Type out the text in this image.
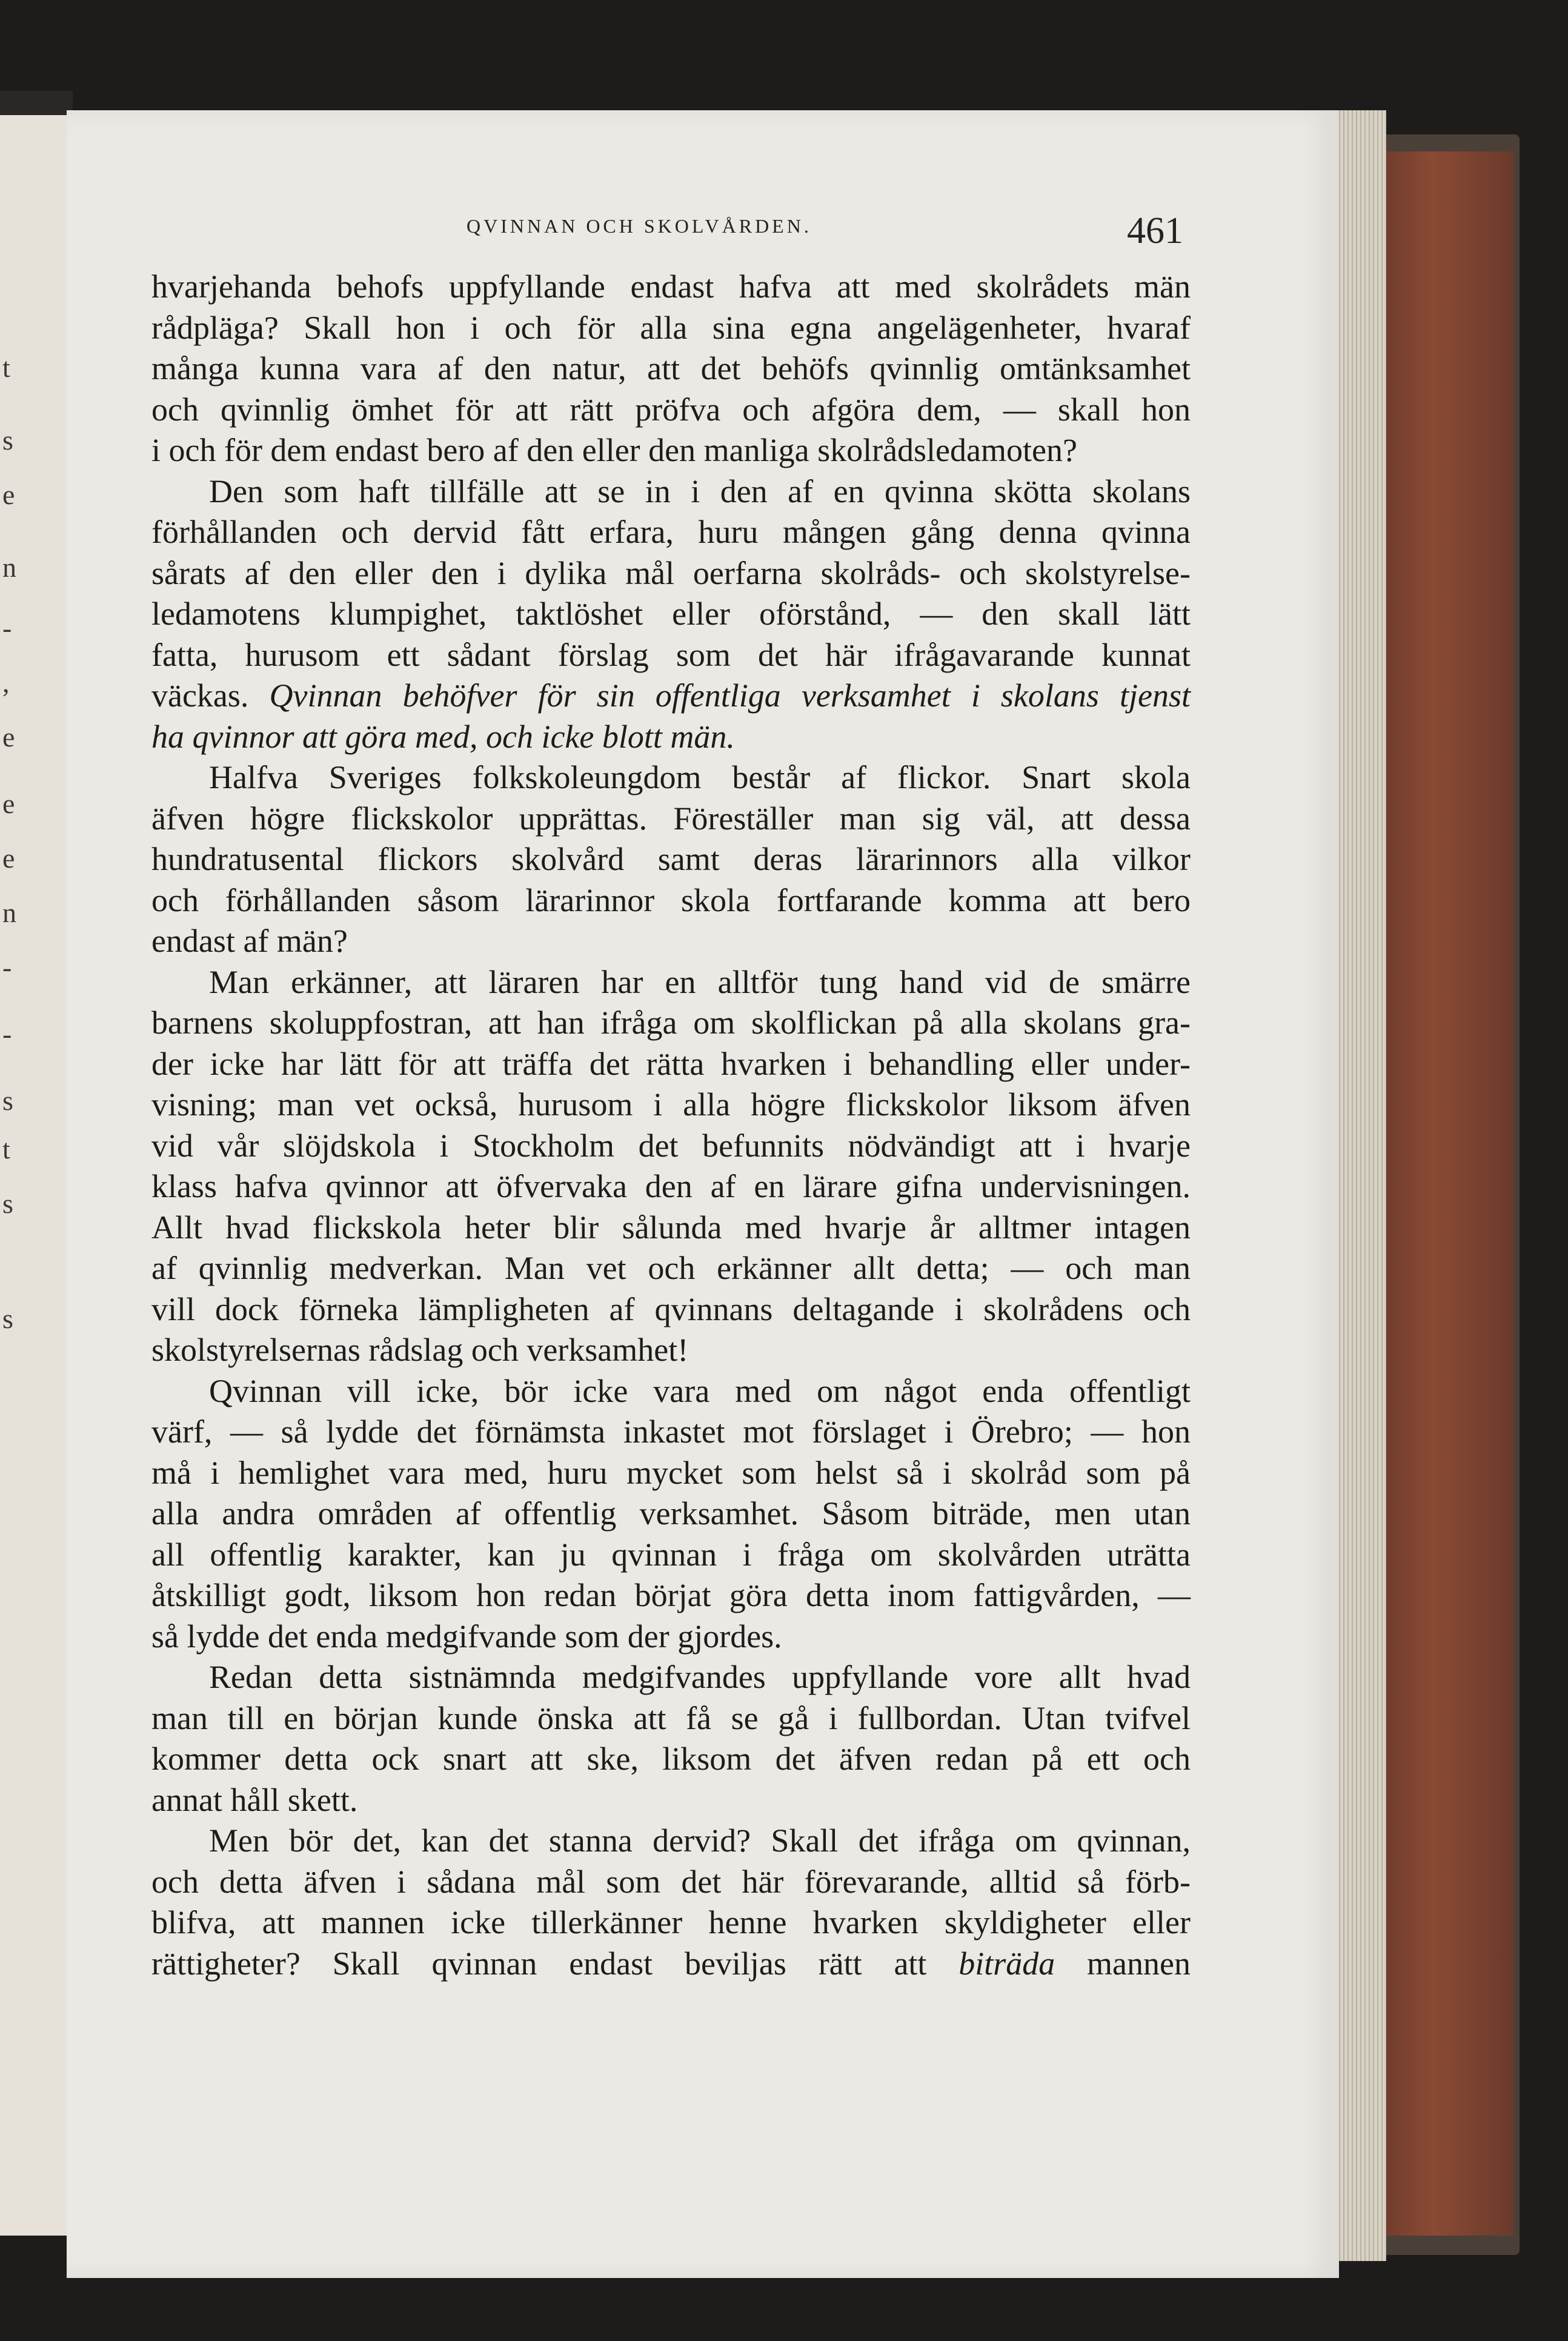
t
s
e
n
-
,
e
e
e
n
-
-
s
t
s
s
QVINNAN OCH SKOLVÅRDEN.	461
hvarjehanda behofs uppfyllande endast hafva att med skolrådets män
rådpläga? Skall hon i och för alla sina egna angelägenheter, hvaraf
många kunna vara af den natur, att det behöfs qvinnlig omtänksamhet
och qvinnlig ömhet för att rätt pröfva och afgöra dem, — skall hon
i och för dem endast bero af den eller den manliga skolrådsledamoten?
Den som haft tillfälle att se in i den af en qvinna skötta skolans
förhållanden och dervid fått erfara, huru mången gång denna qvinna
sårats af den eller den i dylika mål oerfarna skolråds- och skolstyrelse-
ledamotens klumpighet, taktlöshet eller oförstånd, — den skall lätt
fatta, hurusom ett sådant förslag som det här ifrågavarande kunnat
väckas. Qvinnan behöfver för sin offentliga verksamhet i skolans tjenst
ha qvinnor att göra med, och icke blott män.
Halfva Sveriges folkskoleungdom består af flickor. Snart skola
äfven högre flickskolor upprättas. Föreställer man sig väl, att dessa
hundratusental flickors skolvård samt deras lärarinnors alla vilkor
och förhållanden såsom lärarinnor skola fortfarande komma att bero
endast af män?
Man erkänner, att läraren har en alltför tung hand vid de smärre
barnens skoluppfostran, att han ifråga om skolflickan på alla skolans gra-
der icke har lätt för att träffa det rätta hvarken i behandling eller under-
visning; man vet också, hurusom i alla högre flickskolor liksom äfven
vid vår slöjdskola i Stockholm det befunnits nödvändigt att i hvarje
klass hafva qvinnor att öfvervaka den af en lärare gifna undervisningen.
Allt hvad flickskola heter blir sålunda med hvarje år alltmer intagen
af qvinnlig medverkan. Man vet och erkänner allt detta; — och man
vill dock förneka lämpligheten af qvinnans deltagande i skolrådens och
skolstyrelsernas rådslag och verksamhet!
Qvinnan vill icke, bör icke vara med om något enda offentligt
värf, — så lydde det förnämsta inkastet mot förslaget i Örebro; — hon
må i hemlighet vara med, huru mycket som helst så i skolråd som på
alla andra områden af offentlig verksamhet. Såsom biträde, men utan
all offentlig karakter, kan ju qvinnan i fråga om skolvården uträtta
åtskilligt godt, liksom hon redan börjat göra detta inom fattigvården, —
så lydde det enda medgifvande som der gjordes.
Redan detta sistnämnda medgifvandes uppfyllande vore allt hvad
man till en början kunde önska att få se gå i fullbordan. Utan tvifvel
kommer detta ock snart att ske, liksom det äfven redan på ett och
annat håll skett.
Men bör det, kan det stanna dervid? Skall det ifråga om qvinnan,
och detta äfven i sådana mål som det här förevarande, alltid så förb-
blifva, att mannen icke tillerkänner henne hvarken skyldigheter eller
rättigheter? Skall qvinnan endast beviljas rätt att biträda mannen
